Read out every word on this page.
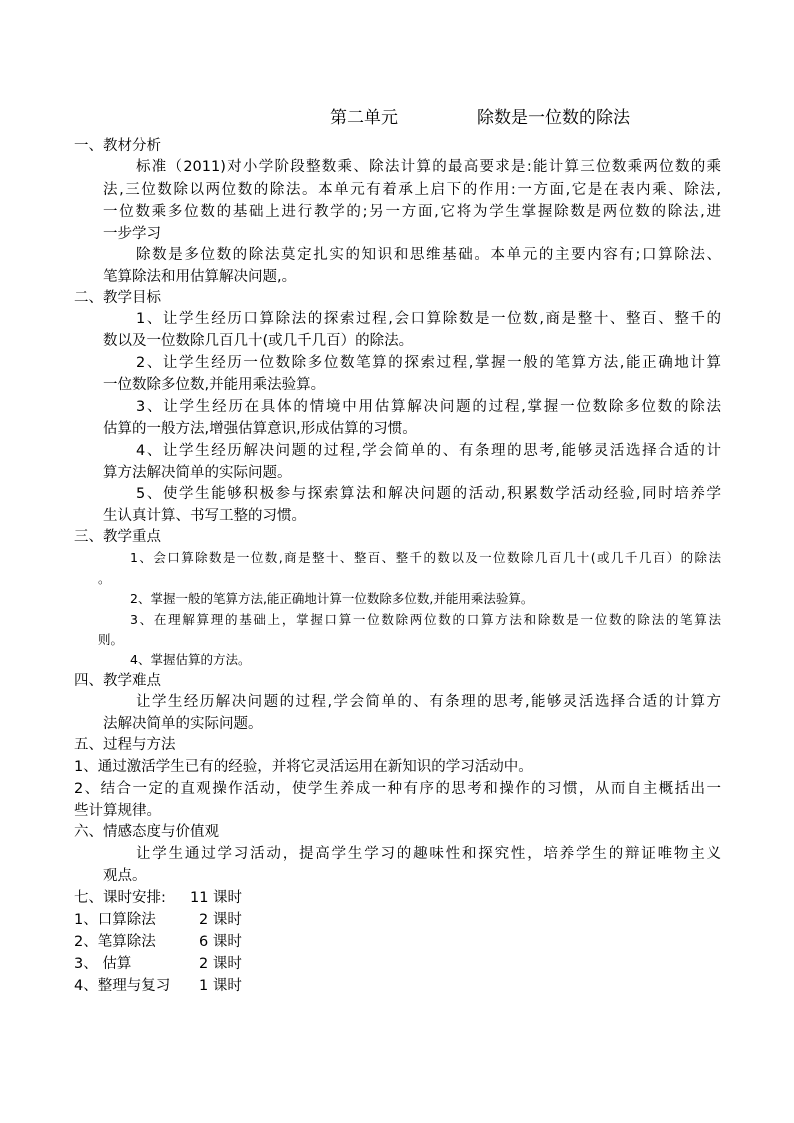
第二单元	除数是一位数的除法
一、教材分析
标准（2011)对小学阶段整数乘、除法计算的最高要求是:能计算三位数乘两位数的乘
法,三位数除以两位数的除法。本单元有着承上启下的作用:一方面,它是在表内乘、除法,
一位数乘多位数的基础上进行教学的;另一方面,它将为学生掌握除数是两位数的除法,进
一步学习
除数是多位数的除法莫定扎实的知识和思维基础。本单元的主要内容有;口算除法、
笔算除法和用估算解决问题,。
二、教学目标
1、让学生经历口算除法的探索过程,会口算除数是一位数,商是整十、整百、整千的
数以及一位数除几百几十(或几千几百）的除法。
2、让学生经历一位数除多位数笔算的探索过程,掌握一般的笔算方法,能正确地计算
一位数除多位数,并能用乘法验算。
3、让学生经历在具体的情境中用估算解决问题的过程,掌握一位数除多位数的除法
估算的一般方法,增强估算意识,形成估算的习惯。
4、让学生经历解决问题的过程,学会简单的、有条理的思考,能够灵活选择合适的计
算方法解决简单的实际问题。
5、使学生能够积极参与探索算法和解决问题的活动,积累数学活动经验,同时培养学
生认真计算、书写工整的习惯。
三、教学重点
1、会口算除数是一位数,商是整十、整百、整千的数以及一位数除几百几十(或几千几百）的除法
。
2、掌握一般的笔算方法,能正确地计算一位数除多位数,并能用乘法验算。
3、在理解算理的基础上，掌握口算一位数除两位数的口算方法和除数是一位数的除法的笔算法
则。
4、掌握估算的方法。
四、教学难点
让学生经历解决问题的过程,学会简单的、有条理的思考,能够灵活选择合适的计算方
法解决简单的实际问题。
五、过程与方法
1、通过激活学生已有的经验，并将它灵活运用在新知识的学习活动中。
2、结合一定的直观操作活动，使学生养成一种有序的思考和操作的习惯，从而自主概括出一
些计算规律。
六、情感态度与价值观
让学生通过学习活动，提高学生学习的趣味性和探究性，培养学生的辩证唯物主义
观点。
七、课时安排: 11 课时
1、口算除法	2 课时
2、笔算除法	6 课时
3、 估算	2 课时
4、整理与复习 1 课时
